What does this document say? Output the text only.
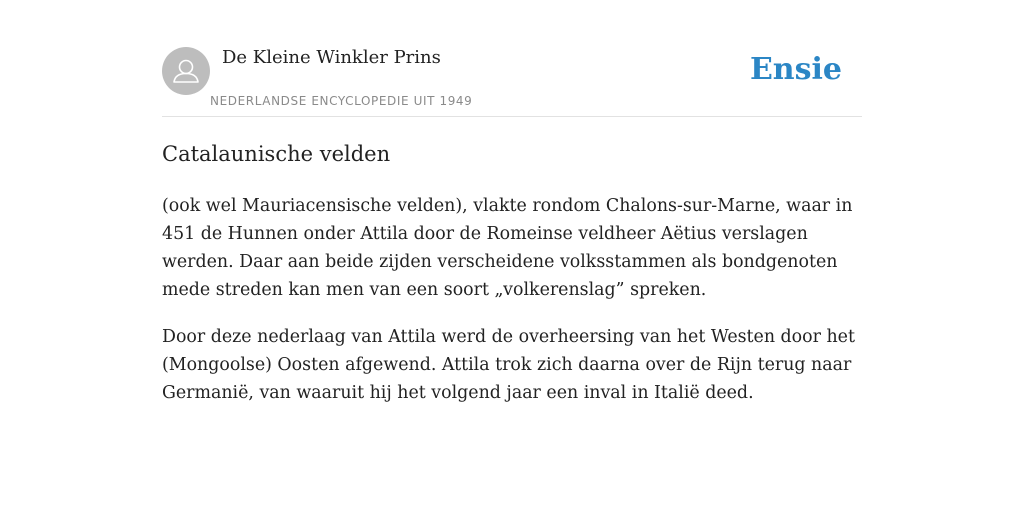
De Kleine Winkler Prins
NEDERLANDSE ENCYCLOPEDIE UIT 1949
Ensie
Catalaunische velden

(ook wel Mauriacensische velden), vlakte rondom Chalons-sur-Marne, waar in 451 de Hunnen onder Attila door de Romeinse veldheer Aëtius verslagen werden. Daar aan beide zijden verscheidene volksstammen als bondgenoten mede streden kan men van een soort „volkerenslag” spreken.

Door deze nederlaag van Attila werd de overheersing van het Westen door het (Mongoolse) Oosten afgewend. Attila trok zich daarna over de Rijn terug naar Germanië, van waaruit hij het volgend jaar een inval in Italië deed.
